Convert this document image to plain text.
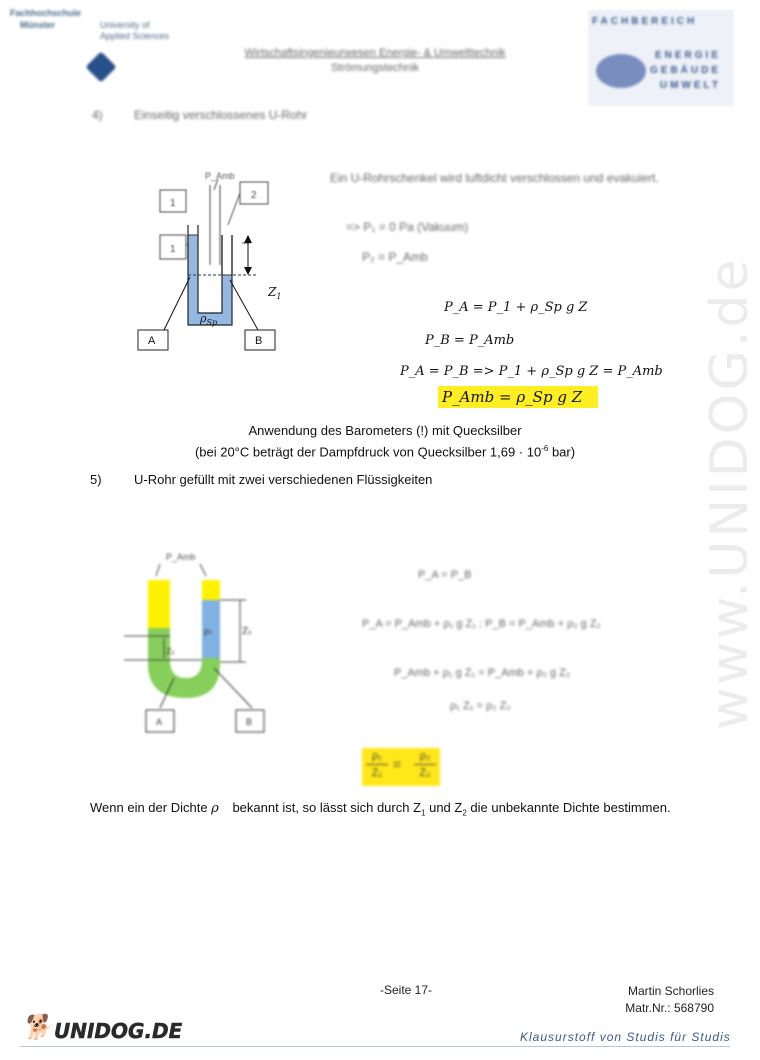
www.UNIDOG.de
Fachhochschule
Münster	University of
Applied Sciences
Wirtschaftsingenieurwesen Energie- & Umwelttechnik
Strömungstechnik
FACHBEREICH
ENERGIE
GEBÄUDE
UMWELT
4)	Einseitig verschlossenes U-Rohr
P_Amb
1
2
1
$Z_1$
$\rho_{Sp}$
A	B
Ein U-Rohrschenkel wird luftdicht verschlossen und evakuiert.
=> P₁ = 0 Pa (Vakuum)
P₂ = P_Amb
P_A = P_1 + ρ_Sp g Z
P_B = P_Amb
P_A = P_B => P_1 + ρ_Sp g Z = P_Amb
P_Amb = ρ_Sp g Z
Anwendung des Barometers (!) mit Quecksilber
(bei 20°C beträgt der Dampfdruck von Quecksilber $1,69 \cdot 10^{-6}$ bar)
5) U-Rohr gefüllt mit zwei verschiedenen Flüssigkeiten
P_Amb
ρ₁	Z₁
Z₂
A	B
P_A = P_B
P_A = P_Amb + ρ₁ g Z₁ ; P_B = P_Amb + ρ₂ g Z₂
P_Amb + ρ₁ g Z₁ = P_Amb + ρ₂ g Z₂
ρ₁ Z₁ = ρ₂ Z₂
ρ₁
Z₁
=	ρ₂
Z₂
Wenn ein der Dichte ρ bekannt ist, so lässt sich durch $Z_1$ und $Z_2$ die unbekannte Dichte bestimmen.
-Seite 17-	Martin Schorlies
Matr.Nr.: 568790
🐕 UNIDOG.DE	Klausurstoff von Studis für Studis
